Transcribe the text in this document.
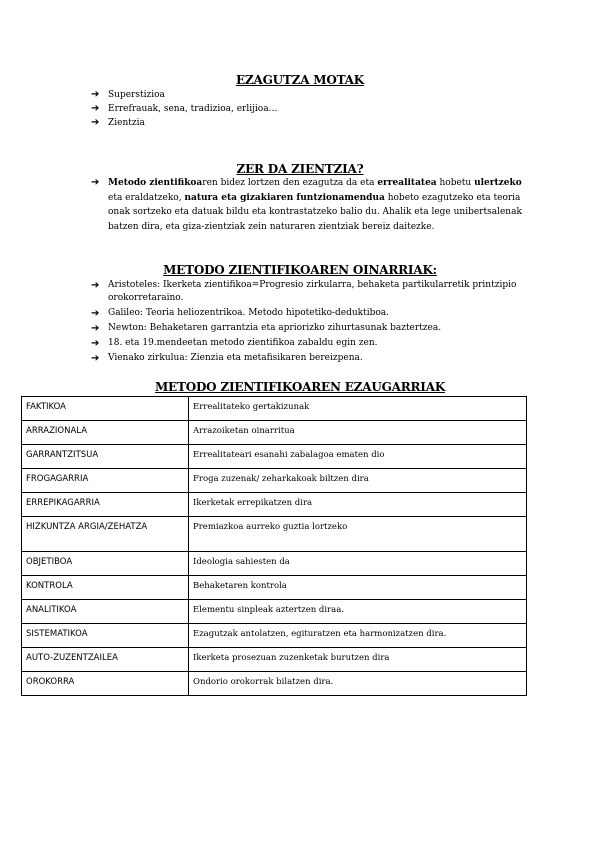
EZAGUTZA MOTAK
➔ Superstizioa
➔ Errefrauak, sena, tradizioa, erlijioa…
➔ Zientzia
ZER DA ZIENTZIA?
➔ Metodo zientifikoaren bidez lortzen den ezagutza da eta errealitatea hobetu ulertzeko eta eraldatzeko, natura eta gizakiaren funtzionamendua hobeto ezagutzeko eta teoria onak sortzeko eta datuak bildu eta kontrastatzeko balio du. Ahalik eta lege unibertsalenak batzen dira, eta giza-zientziak zein naturaren zientziak bereiz daitezke.
METODO ZIENTIFIKOAREN OINARRIAK:
➔ Aristoteles: Ikerketa zientifikoa=Progresio zirkularra, behaketa partikularretik printzipio orokorretaraino.
➔ Galileo: Teoria heliozentrikoa. Metodo hipotetiko-deduktiboa.
➔ Newton: Behaketaren garrantzia eta apriorizko zihurtasunak baztertzea.
➔ 18. eta 19.mendeetan metodo zientifikoa zabaldu egin zen.
➔ Vienako zirkulua: Zienzia eta metafisikaren bereizpena.
METODO ZIENTIFIKOAREN EZAUGARRIAK
FAKTIKOA	Errealitateko gertakizunak
ARRAZIONALA	Arrazoiketan oinarritua
GARRANTZITSUA	Errealitateari esanahi zabalagoa ematen dio
FROGAGARRIA	Froga zuzenak/ zeharkakoak biltzen dira
ERREPIKAGARRIA	Ikerketak errepikatzen dira
HIZKUNTZA ARGIA/ZEHATZA	Premiazkoa aurreko guztia lortzeko
OBJETIBOA	Ideologia sahiesten da
KONTROLA	Behaketaren kontrola
ANALITIKOA	Elementu sinpleak aztertzen diraa.
SISTEMATIKOA	Ezagutzak antolatzen, egituratzen eta harmonizatzen dira.
AUTO-ZUZENTZAILEA	Ikerketa prosezuan zuzenketak burutzen dira
OROKORRA	Ondorio orokorrak bilatzen dira.
